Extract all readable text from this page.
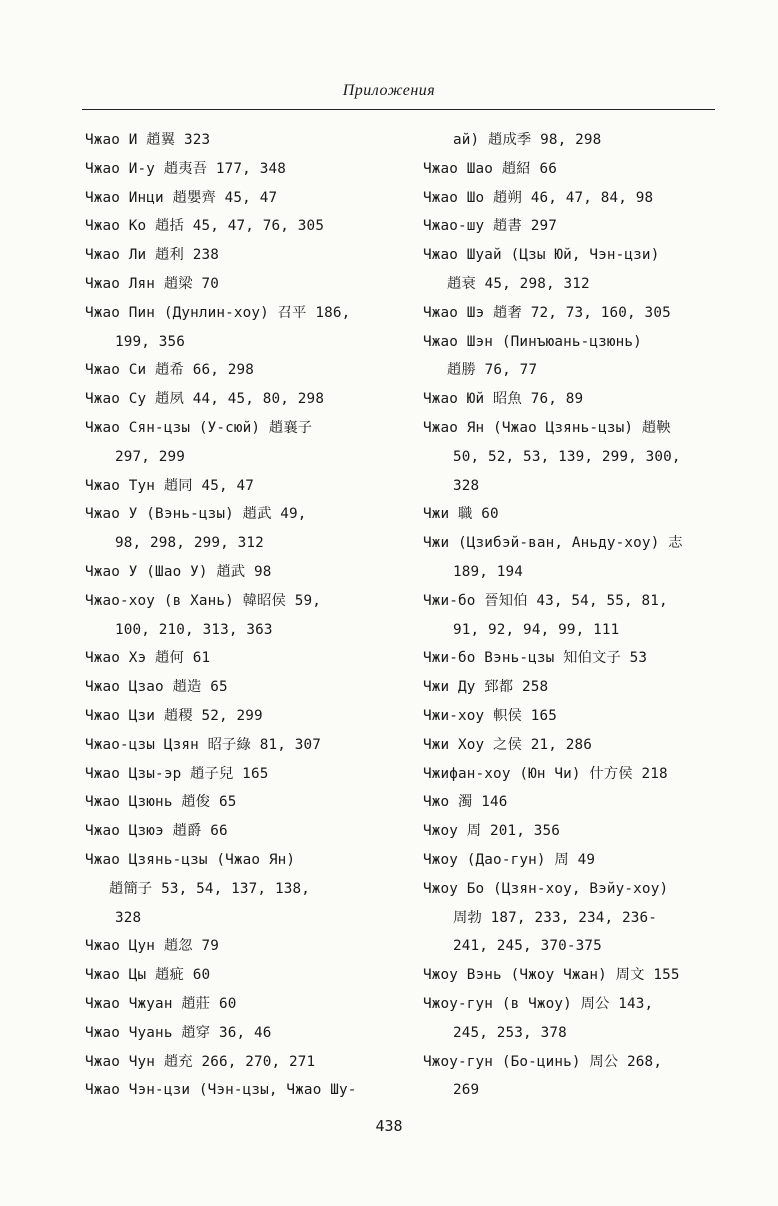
Приложения
Чжао И 趙翼 323
Чжао И-у 趙夷吾 177, 348
Чжао Инци 趙嬰齊 45, 47
Чжао Ко 趙括 45, 47, 76, 305
Чжао Ли 趙利 238
Чжао Лян 趙梁 70
Чжао Пин (Дунлин-хоу) 召平 186,
199, 356
Чжао Си 趙希 66, 298
Чжао Су 趙夙 44, 45, 80, 298
Чжао Сян-цзы (У-сюй) 趙襄子
297, 299
Чжао Тун 趙同 45, 47
Чжао У (Вэнь-цзы) 趙武 49,
98, 298, 299, 312
Чжао У (Шао У) 趙武 98
Чжао-хоу (в Хань) 韓昭侯 59,
100, 210, 313, 363
Чжао Хэ 趙何 61
Чжао Цзао 趙造 65
Чжао Цзи 趙稷 52, 299
Чжао-цзы Цзян 昭子綠 81, 307
Чжао Цзы-эр 趙子兒 165
Чжао Цзюнь 趙俊 65
Чжао Цзюэ 趙爵 66
Чжао Цзянь-цзы (Чжао Ян)
趙簡子 53, 54, 137, 138,
328
Чжао Цун 趙忽 79
Чжао Цы 趙疵 60
Чжао Чжуан 趙莊 60
Чжао Чуань 趙穿 36, 46
Чжао Чун 趙充 266, 270, 271
Чжао Чэн-цзи (Чэн-цзы, Чжао Шу-
ай) 趙成季 98, 298
Чжао Шао 趙紹 66
Чжао Шо 趙朔 46, 47, 84, 98
Чжао-шу 趙書 297
Чжао Шуай (Цзы Юй, Чэн-цзи)
趙衰 45, 298, 312
Чжао Шэ 趙奢 72, 73, 160, 305
Чжао Шэн (Пинъюань-цзюнь)
趙勝 76, 77
Чжао Юй 昭魚 76, 89
Чжао Ян (Чжао Цзянь-цзы) 趙鞅
50, 52, 53, 139, 299, 300,
328
Чжи 職 60
Чжи (Цзибэй-ван, Аньду-хоу) 志
189, 194
Чжи-бо 晉知伯 43, 54, 55, 81,
91, 92, 94, 99, 111
Чжи-бо Вэнь-цзы 知伯文子 53
Чжи Ду 郅都 258
Чжи-хоу 軹侯 165
Чжи Хоу 之侯 21, 286
Чжифан-хоу (Юн Чи) 什方侯 218
Чжо 濁 146
Чжоу 周 201, 356
Чжоу (Дао-гун) 周 49
Чжоу Бо (Цзян-хоу, Вэйу-хоу)
周勃 187, 233, 234, 236-
241, 245, 370-375
Чжоу Вэнь (Чжоу Чжан) 周文 155
Чжоу-гун (в Чжоу) 周公 143,
245, 253, 378
Чжоу-гун (Бо-цинь) 周公 268,
269
438
